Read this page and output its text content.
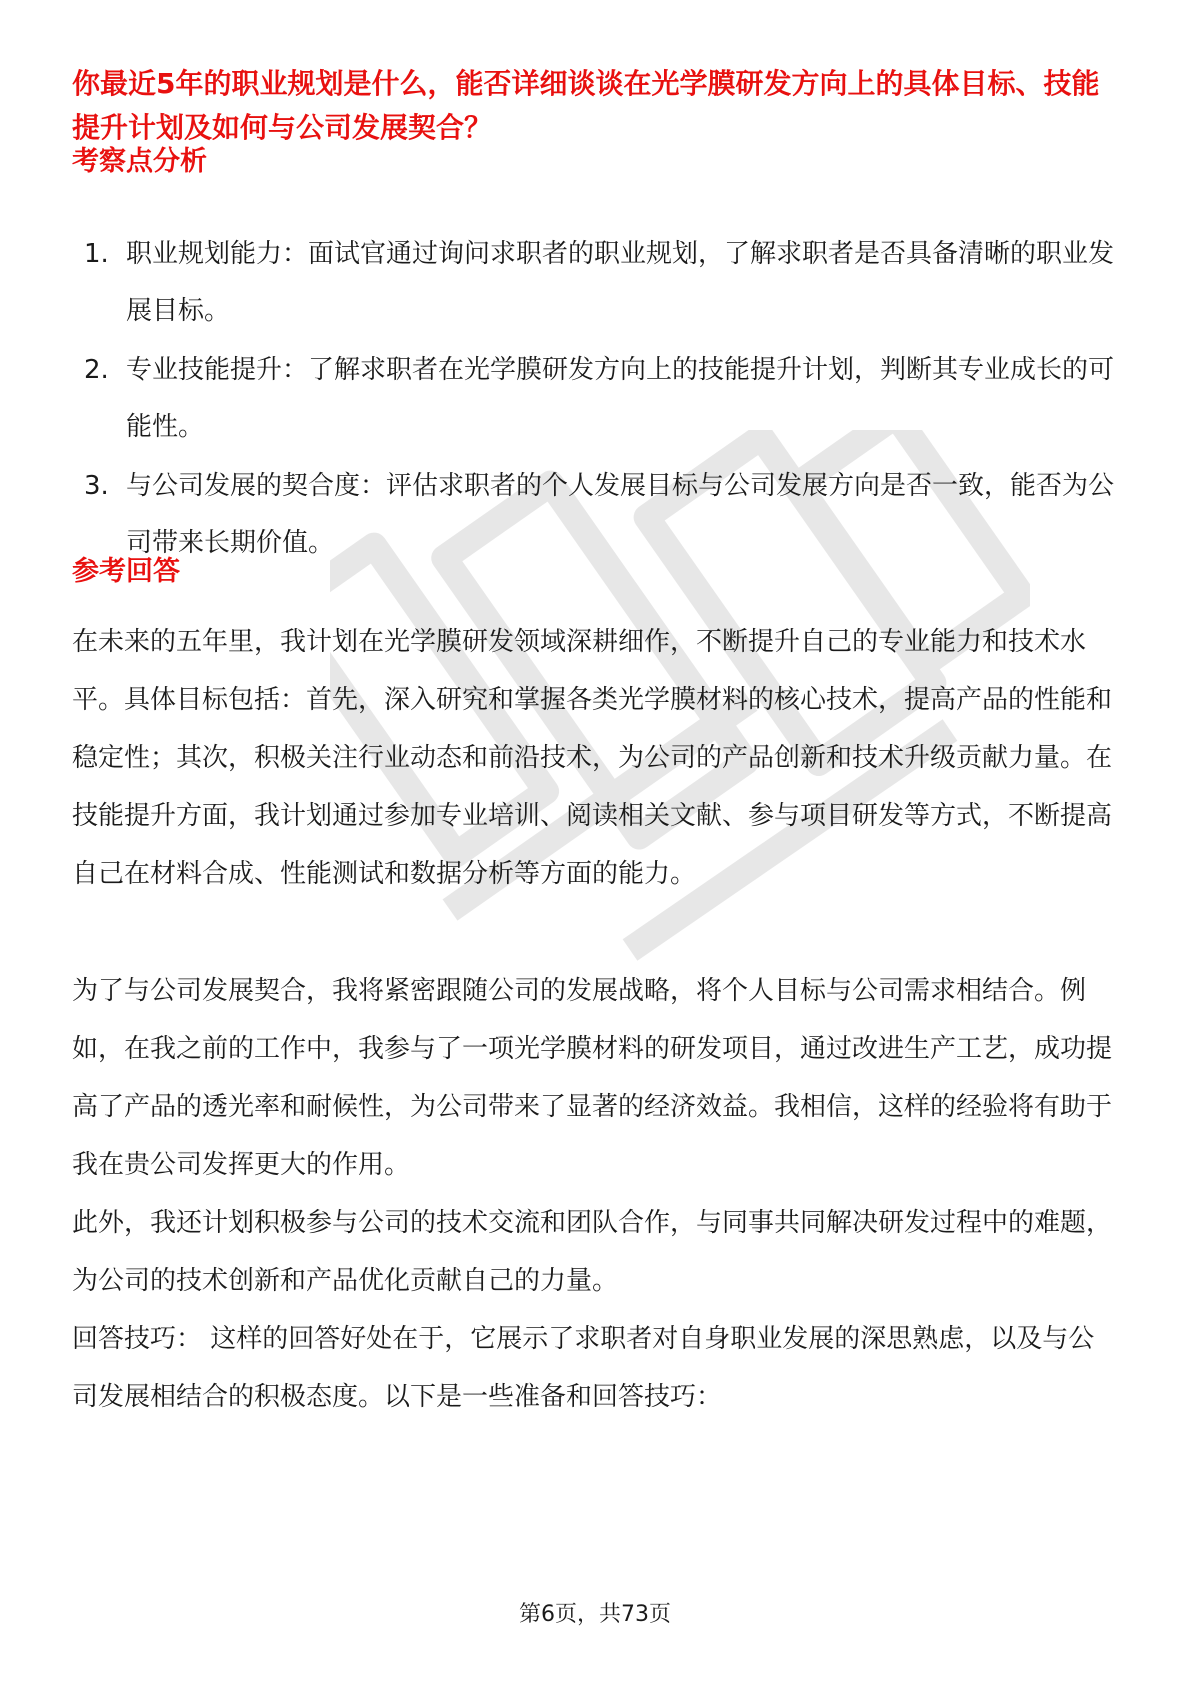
你最近5年的职业规划是什么，能否详细谈谈在光学膜研发方向上的具体目标、技能提升计划及如何与公司发展契合？
考察点分析
1. 职业规划能力：面试官通过询问求职者的职业规划，了解求职者是否具备清晰的职业发展目标。
2. 专业技能提升：了解求职者在光学膜研发方向上的技能提升计划，判断其专业成长的可能性。
3. 与公司发展的契合度：评估求职者的个人发展目标与公司发展方向是否一致，能否为公司带来长期价值。
参考回答

在未来的五年里，我计划在光学膜研发领域深耕细作，不断提升自己的专业能力和技术水平。具体目标包括：首先，深入研究和掌握各类光学膜材料的核心技术，提高产品的性能和稳定性；其次，积极关注行业动态和前沿技术，为公司的产品创新和技术升级贡献力量。在技能提升方面，我计划通过参加专业培训、阅读相关文献、参与项目研发等方式，不断提高自己在材料合成、性能测试和数据分析等方面的能力。

为了与公司发展契合，我将紧密跟随公司的发展战略，将个人目标与公司需求相结合。例如，在我之前的工作中，我参与了一项光学膜材料的研发项目，通过改进生产工艺，成功提高了产品的透光率和耐候性，为公司带来了显著的经济效益。我相信，这样的经验将有助于我在贵公司发挥更大的作用。

此外，我还计划积极参与公司的技术交流和团队合作，与同事共同解决研发过程中的难题，为公司的技术创新和产品优化贡献自己的力量。

回答技巧： 这样的回答好处在于，它展示了求职者对自身职业发展的深思熟虑，以及与公司发展相结合的积极态度。以下是一些准备和回答技巧：

第6页，共73页
